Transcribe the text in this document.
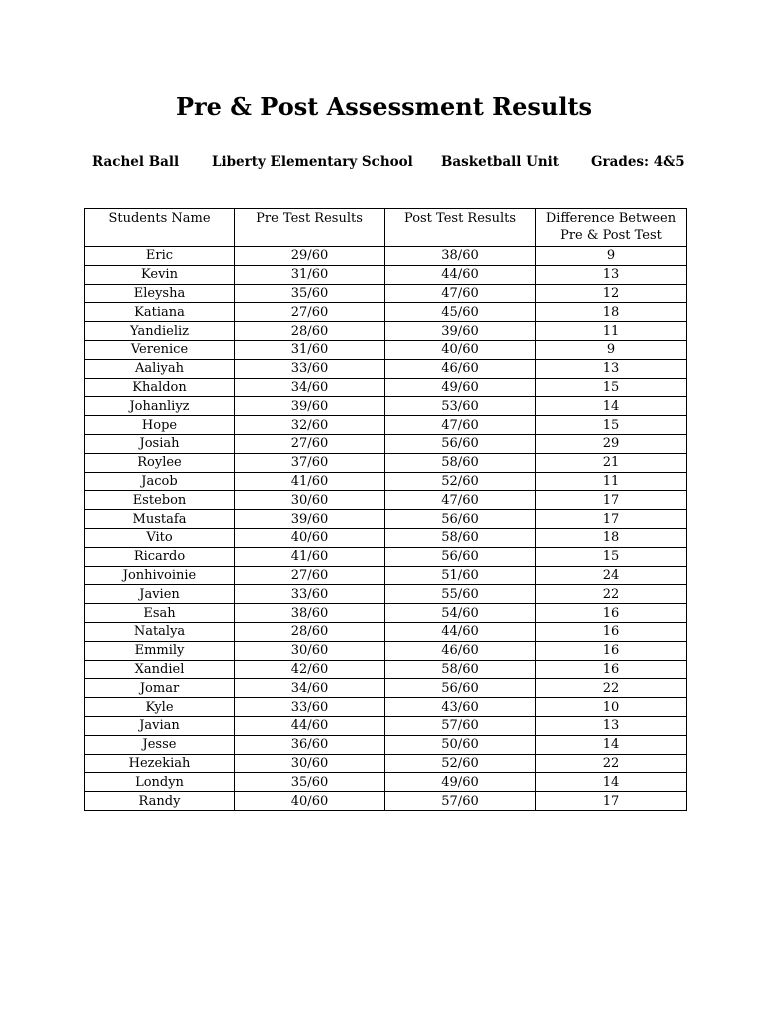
Pre & Post Assessment Results
Rachel Ball Liberty Elementary School Basketball Unit Grades: 4&5
Students Name	Pre Test Results	Post Test Results	Difference Between Pre & Post Test
Eric	29/60	38/60	9
Kevin	31/60	44/60	13
Eleysha	35/60	47/60	12
Katiana	27/60	45/60	18
Yandieliz	28/60	39/60	11
Verenice	31/60	40/60	9
Aaliyah	33/60	46/60	13
Khaldon	34/60	49/60	15
Johanliyz	39/60	53/60	14
Hope	32/60	47/60	15
Josiah	27/60	56/60	29
Roylee	37/60	58/60	21
Jacob	41/60	52/60	11
Estebon	30/60	47/60	17
Mustafa	39/60	56/60	17
Vito	40/60	58/60	18
Ricardo	41/60	56/60	15
Jonhivoinie	27/60	51/60	24
Javien	33/60	55/60	22
Esah	38/60	54/60	16
Natalya	28/60	44/60	16
Emmily	30/60	46/60	16
Xandiel	42/60	58/60	16
Jomar	34/60	56/60	22
Kyle	33/60	43/60	10
Javian	44/60	57/60	13
Jesse	36/60	50/60	14
Hezekiah	30/60	52/60	22
Londyn	35/60	49/60	14
Randy	40/60	57/60	17
